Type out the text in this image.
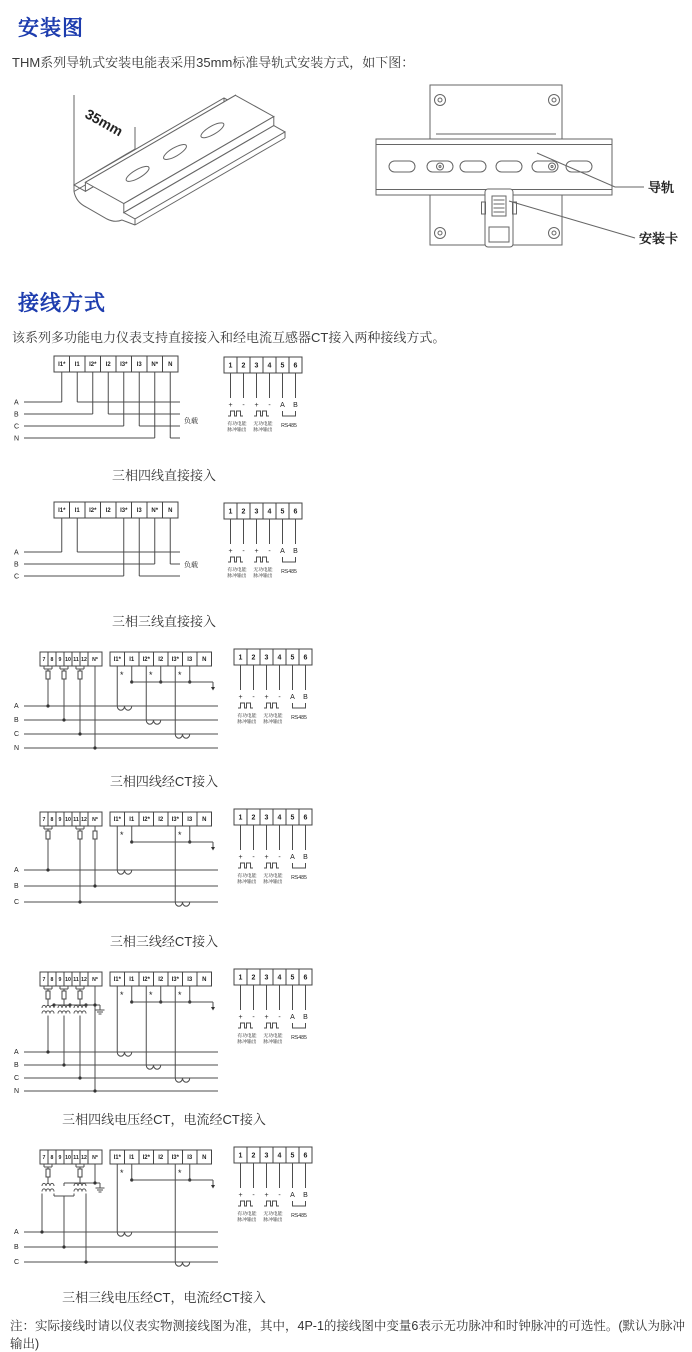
安装图

THM系列导轨式安装电能表采用35mm标准导轨式安装方式，如下图：

35mm
导轨
安装卡
接线方式

该系列多功能电力仪表支持直接接入和经电流互感器CT接入两种接线方式。

I1* I1 I2* I2 I3* I3 N* N
A
B
C
N
负载
1 2 3 4 5 6
+ - + - A B
有功电能
脉冲输出
无功电能
脉冲输出
RS485
三相四线直接接入
I1* I1 I2* I2 I3* I3 N* N
A
B
C
负载
1 2 3 4 5 6
+ - + - A B
有功电能
脉冲输出
无功电能
脉冲输出
RS485
三相三线直接接入
7 8 9 10 11 12 N*	I1* I1 I2* I2 I3* I3 N
A
B
C
N
*	*	*
1 2 3 4 5 6
+ - + - A B
有功电能
脉冲输出
无功电能
脉冲输出
RS485
三相四线经CT接入
7 8 9 10 11 12 N*	I1* I1 I2* I2 I3* I3 N
A
B
C
*	*
1 2 3 4 5 6
+ - + - A B
有功电能
脉冲输出
无功电能
脉冲输出
RS485
三相三线经CT接入
7 8 9 10 11 12 N*	I1* I1 I2* I2 I3* I3 N
A
B
C
N
*	*	*
1 2 3 4 5 6
+ - + - A B
有功电能
脉冲输出
无功电能
脉冲输出
RS485
三相四线电压经CT，电流经CT接入
7 8 9 10 11 12 N*	I1* I1 I2* I2 I3* I3 N
A
B
C
*	*
1 2 3 4 5 6
+ - + - A B
有功电能
脉冲输出
无功电能
脉冲输出
RS485
三相三线电压经CT，电流经CT接入

注：实际接线时请以仪表实物测接线图为准，其中，4P-1的接线图中变量6表示无功脉冲和时钟脉冲的可选性。(默认为脉冲输出)
